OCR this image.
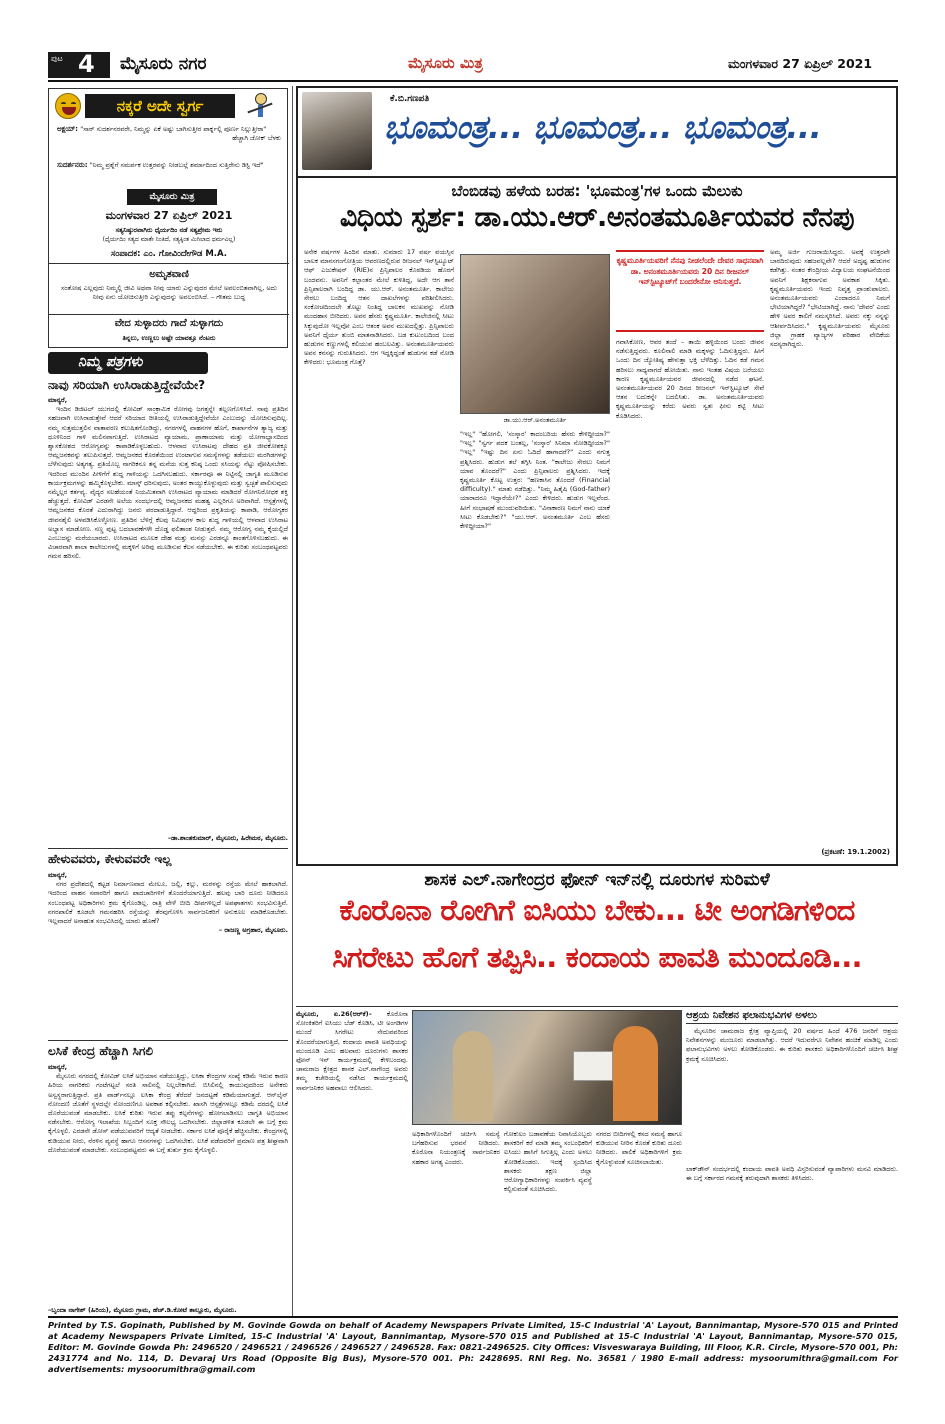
ಪುಟ 4 ಮೈಸೂರು ನಗರ	ಮೈಸೂರು ಮಿತ್ರ	ಮಂಗಳವಾರ 27 ಏಪ್ರಿಲ್ 2021
ನಕ್ಕರೆ ಅದೇ ಸ್ವರ್ಗ
ಅಕ್ಷಯ್: "ಸಾರ್ ಸುದರ್ಶನರವರೇ, ನಿಮ್ಮನ್ನು ಏಕೆ ಅಷ್ಟು ಬಾಗಿಸುತ್ತೀರ ಪಾರ್ಕ್ನಲ್ಲಿ ಪೂರ್ಣ ನಿಲ್ಲುತ್ತೀರಾ"
ಹೆಚ್ಚಾಗಿ ಜೋಕ್ ಬೆಳಕು
ಸುದರ್ಶನರು: "ನಿಮ್ಮ ಪ್ರಶ್ನೆಗೆ ಸಮರ್ಪಕ ಉತ್ತರವನ್ನು ನೀಡಬಲ್ಲೆ ಶರ್ಮಾದಿಂದ ಸುತ್ತಿರೇನು ಡಿಸ್ಟಿ ಇದೆ"
ಮೈಸೂರು ಮಿತ್ರ
ಮಂಗಳವಾರ 27 ಏಪ್ರಿಲ್ 2021
ಸತ್ಯನಿಷ್ಠುರವಾಗಿರು ಧೈರ್ಯದಿಂ ನಡೆ ಸತ್ಯಪ್ರೇಮ ಇರು
(ಧೈರ್ಯದಿಂ ಸತ್ಯದ ಮಾತೇ ನಿಂತಿದೆ, ಸತ್ಯಕ್ಕಿಂತ ಮಿಗಿಲಾದ ಧರ್ಮವಿಲ್ಲ)
ಸಂಪಾದಕ: ಎಂ. ಗೋವಿಂದೇಗೌಡ M.A.
ಅಮೃತವಾಣಿ
ಸಂತೋಷ ಎಲ್ಲವುದು ನಿಮ್ಮಲ್ಲಿ ಜೀವಿ ಅಥವಾ ನೀವು ಯಾರು ಎನ್ನುವುದರ ಮೇಲೆ ಅವಲಂಬಿತವಾಗಿಲ್ಲ, ಅದು ನೀವು ಏನು ಯೋಚಿಸುತ್ತೀರಿ ಎನ್ನುವುದನ್ನು ಅವಲಂಬಿಸಿದೆ. – ಗೌತಮ ಬುದ್ಧ
ವೇದ ಸುಳ್ಳಾದರು ಗಾದೆ ಸುಳ್ಳಾಗದು
ತಿನ್ನಲು, ಉಣ್ಣಲು ಅಷ್ಟೇ ಯಾವತ್ತೂ ನೆಂಟರು
ನಿಮ್ಮ ಪತ್ರಗಳು
ನಾವು ಸರಿಯಾಗಿ ಉಸಿರಾಡುತ್ತಿದ್ದೇವೆಯೇ?
ಮಾನ್ಯರೆ,
ಇಂದಿನ ಡಿಜಿಟಲ್ ಯುಗದಲ್ಲಿ ಕೋವಿಡ್ ಸಾಂಕ್ರಾಮಿಕ ರೋಗವು ಜಗತ್ತನ್ನೇ ತಲ್ಲಣಗೊಳಿಸಿದೆ. ನಾವು ಪ್ರತಿದಿನ ಸಹಜವಾಗಿ ಉಸಿರಾಡುತ್ತೇವೆ ಆದರೆ ಸರಿಯಾದ ರೀತಿಯಲ್ಲಿ ಉಸಿರಾಡುತ್ತಿದ್ದೇವೆಯೇ ಎಂಬುದನ್ನು ಯೋಚಿಸುವುದಿಲ್ಲ. ನಮ್ಮ ಸುತ್ತಮುತ್ತಲಿನ ವಾತಾವರಣ ಕಲುಷಿತಗೊಂಡಿದ್ದು, ನಗರಗಳಲ್ಲಿ ವಾಹನಗಳ ಹೊಗೆ, ಕಾರ್ಖಾನೆಗಳ ತ್ಯಾಜ್ಯ ಮತ್ತು ಧೂಳಿನಿಂದ ಗಾಳಿ ಮಲಿನವಾಗುತ್ತಿದೆ. ಉಸಿರಾಟದ ವ್ಯಾಯಾಮ, ಪ್ರಾಣಾಯಾಮ ಮತ್ತು ಯೋಗಾಭ್ಯಾಸದಿಂದ ಶ್ವಾಸಕೋಶದ ಆರೋಗ್ಯವನ್ನು ಕಾಪಾಡಿಕೊಳ್ಳಬಹುದು. ಆಳವಾದ ಉಸಿರಾಟವು ದೇಹದ ಪ್ರತಿ ಜೀವಕೋಶಕ್ಕೂ ಆಮ್ಲಜನಕವನ್ನು ತಲುಪಿಸುತ್ತದೆ. ಆಮ್ಲಜನಕದ ಕೊರತೆಯಿಂದ ಉಂಟಾಗುವ ಸಮಸ್ಯೆಗಳನ್ನು ತಡೆಯಲು ಮರಗಿಡಗಳನ್ನು ಬೆಳೆಸುವುದು ಅತ್ಯಗತ್ಯ. ಪ್ರತಿಯೊಬ್ಬ ನಾಗರಿಕನೂ ತನ್ನ ಮನೆಯ ಸುತ್ತ ಕನಿಷ್ಠ ಒಂದು ಸಸಿಯನ್ನು ನೆಟ್ಟು ಪೋಷಿಸಬೇಕು. ಇದರಿಂದ ಮುಂದಿನ ಪೀಳಿಗೆಗೆ ಶುದ್ಧ ಗಾಳಿಯನ್ನು ಒದಗಿಸಬಹುದು. ಸರ್ಕಾರವೂ ಈ ನಿಟ್ಟಿನಲ್ಲಿ ಜಾಗೃತಿ ಮೂಡಿಸುವ ಕಾರ್ಯಕ್ರಮಗಳನ್ನು ಹಮ್ಮಿಕೊಳ್ಳಬೇಕು. ಮಾಸ್ಕ್ ಧರಿಸುವುದು, ಅಂತರ ಕಾಯ್ದುಕೊಳ್ಳುವುದು ಮತ್ತು ಸ್ವಚ್ಛತೆ ಪಾಲಿಸುವುದು ನಮ್ಮೆಲ್ಲರ ಕರ್ತವ್ಯ. ವೈದ್ಯರ ಸಲಹೆಯಂತೆ ನಿಯಮಿತವಾಗಿ ಉಸಿರಾಟದ ವ್ಯಾಯಾಮ ಮಾಡಿದರೆ ರೋಗನಿರೋಧಕ ಶಕ್ತಿ ಹೆಚ್ಚುತ್ತದೆ. ಕೋವಿಡ್ ಎರಡನೇ ಅಲೆಯ ಸಂದರ್ಭದಲ್ಲಿ ಆಮ್ಲಜನಕದ ಮಹತ್ವ ಎಲ್ಲರಿಗೂ ಅರಿವಾಗಿದೆ. ಆಸ್ಪತ್ರೆಗಳಲ್ಲಿ ಆಮ್ಲಜನಕದ ಕೊರತೆ ಎದುರಾಗಿದ್ದು ಜನರು ಪರದಾಡುತ್ತಿದ್ದಾರೆ. ಆದ್ದರಿಂದ ಪ್ರಕೃತಿಯನ್ನು ಕಾಪಾಡಿ, ಆರೋಗ್ಯಕರ ಜೀವನಶೈಲಿ ಅಳವಡಿಸಿಕೊಳ್ಳೋಣ. ಪ್ರತಿದಿನ ಬೆಳಿಗ್ಗೆ ಕೆಲವು ನಿಮಿಷಗಳ ಕಾಲ ಶುದ್ಧ ಗಾಳಿಯಲ್ಲಿ ಆಳವಾದ ಉಸಿರಾಟ ಅಭ್ಯಾಸ ಮಾಡೋಣ. ಸಣ್ಣ ಪುಟ್ಟ ಬದಲಾವಣೆಗಳೇ ದೊಡ್ಡ ಫಲಿತಾಂಶ ನೀಡುತ್ತವೆ. ನಮ್ಮ ಆರೋಗ್ಯ ನಮ್ಮ ಕೈಯಲ್ಲಿದೆ ಎಂಬುದನ್ನು ಮರೆಯಬಾರದು. ಉಸಿರಾಟದ ಮೂಲಕ ದೇಹ ಮತ್ತು ಮನಸ್ಸು ಎರಡನ್ನೂ ಶಾಂತಗೊಳಿಸಬಹುದು. ಈ ವಿಚಾರವಾಗಿ ಶಾಲಾ ಕಾಲೇಜುಗಳಲ್ಲಿ ಮಕ್ಕಳಿಗೆ ಅರಿವು ಮೂಡಿಸುವ ಕೆಲಸ ನಡೆಯಬೇಕು. ಈ ಕುರಿತು ಸಂಬಂಧಪಟ್ಟವರು ಗಮನ ಹರಿಸಲಿ.
–ಡಾ.ಶಾಂತಕುಮಾರ್, ಮೈಸೂರು, ಹಿರೇಮಠ, ಮೈಸೂರು.
ಹೇಳುವವರು, ಕೇಳುವವರೇ ಇಲ್ಲ
ಮಾನ್ಯರೆ,
ನಗರ ಪ್ರದೇಶದಲ್ಲಿ ಕಟ್ಟಡ ನಿರ್ಮಾಣವಾದ ಮೇಲೂ, ಜಲ್ಲಿ, ಕಲ್ಲು, ಮರಳನ್ನು ರಸ್ತೆಯ ಮೇಲೆ ಹಾಕಲಾಗಿದೆ. ಇದರಿಂದ ವಾಹನ ಸವಾರರಿಗೆ ಹಾಗೂ ಪಾದಚಾರಿಗಳಿಗೆ ತೊಂದರೆಯಾಗುತ್ತಿದೆ. ಹಲವು ಬಾರಿ ದೂರು ನೀಡಿದರೂ ಸಂಬಂಧಪಟ್ಟ ಅಧಿಕಾರಿಗಳು ಕ್ರಮ ಕೈಗೊಂಡಿಲ್ಲ. ರಾತ್ರಿ ವೇಳೆ ಬೀದಿ ದೀಪಗಳಿಲ್ಲದೆ ಅಪಘಾತಗಳು ಸಂಭವಿಸುತ್ತಿವೆ. ನಗರಪಾಲಿಕೆ ಕೂಡಲೇ ಗಮನಹರಿಸಿ ರಸ್ತೆಯನ್ನು ತೆರವುಗೊಳಿಸಿ ಸಾರ್ವಜನಿಕರಿಗೆ ಅನುಕೂಲ ಮಾಡಿಕೊಡಬೇಕು. ಇಲ್ಲವಾದರೆ ಅನಾಹುತ ಸಂಭವಿಸಿದಲ್ಲಿ ಯಾರು ಹೊಣೆ?
– ರಾಜಣ್ಣ ಅಗ್ರಹಾರ, ಮೈಸೂರು.
ಲಸಿಕೆ ಕೇಂದ್ರ ಹೆಚ್ಚಾಗಿ ಸಿಗಲಿ
ಮಾನ್ಯರೆ,
ಮೈಸೂರು ನಗರದಲ್ಲಿ ಕೋವಿಡ್ ಲಸಿಕೆ ಅಭಿಯಾನ ನಡೆಯುತ್ತಿದ್ದು, ಲಸಿಕಾ ಕೇಂದ್ರಗಳ ಸಂಖ್ಯೆ ಕಡಿಮೆ ಇರುವ ಕಾರಣ ಹಿರಿಯ ನಾಗರಿಕರು ಗಂಟೆಗಟ್ಟಲೆ ಸರತಿ ಸಾಲಿನಲ್ಲಿ ನಿಲ್ಲಬೇಕಾಗಿದೆ. ಬಿಸಿಲಿನಲ್ಲಿ ಕಾಯುವುದರಿಂದ ಅನೇಕರು ಅಸ್ವಸ್ಥರಾಗುತ್ತಿದ್ದಾರೆ. ಪ್ರತಿ ವಾರ್ಡ್‌ನಲ್ಲೂ ಲಸಿಕಾ ಕೇಂದ್ರ ತೆರೆದರೆ ಜನದಟ್ಟಣೆ ಕಡಿಮೆಯಾಗುತ್ತದೆ. ಆನ್‌ಲೈನ್ ನೋಂದಣಿ ಜೊತೆಗೆ ಸ್ಥಳದಲ್ಲೇ ನೋಂದಣಿಗೂ ಅವಕಾಶ ಕಲ್ಪಿಸಬೇಕು. ಖಾಸಗಿ ಆಸ್ಪತ್ರೆಗಳಲ್ಲೂ ಕಡಿಮೆ ದರದಲ್ಲಿ ಲಸಿಕೆ ದೊರೆಯುವಂತೆ ಮಾಡಬೇಕು. ಲಸಿಕೆ ಕುರಿತು ಇರುವ ತಪ್ಪು ಕಲ್ಪನೆಗಳನ್ನು ಹೋಗಲಾಡಿಸಲು ಜಾಗೃತಿ ಅಭಿಯಾನ ನಡೆಸಬೇಕು. ಆರೋಗ್ಯ ಇಲಾಖೆಯ ಸಿಬ್ಬಂದಿಗೆ ಸೂಕ್ತ ಸೌಲಭ್ಯ ಒದಗಿಸಬೇಕು. ಜಿಲ್ಲಾಡಳಿತ ಕೂಡಲೇ ಈ ಬಗ್ಗೆ ಕ್ರಮ ಕೈಗೊಳ್ಳಲಿ. ಎರಡನೇ ಡೋಸ್ ಪಡೆಯುವವರಿಗೆ ಆದ್ಯತೆ ನೀಡಬೇಕು. ಸರ್ಕಾರ ಲಸಿಕೆ ಪೂರೈಕೆ ಹೆಚ್ಚಿಸಬೇಕು. ಕೇಂದ್ರಗಳಲ್ಲಿ ಕುಡಿಯುವ ನೀರು, ನೆರಳಿನ ವ್ಯವಸ್ಥೆ ಹಾಗೂ ಆಸನಗಳನ್ನು ಒದಗಿಸಬೇಕು. ಲಸಿಕೆ ಪಡೆದವರಿಗೆ ಪ್ರಮಾಣ ಪತ್ರ ಶೀಘ್ರವಾಗಿ ದೊರೆಯುವಂತೆ ಮಾಡಬೇಕು. ಸಂಬಂಧಪಟ್ಟವರು ಈ ಬಗ್ಗೆ ತುರ್ತು ಕ್ರಮ ಕೈಗೊಳ್ಳಲಿ.
–ಬೃಂದಾ ನಾಗೇಶ್ (ಹಿರಿಯ), ಮೈಸೂರು ಗ್ರಾಮ, ಹೆಚ್.ಡಿ.ಕೋಟೆ ತಾಲ್ಲೂಕು, ಮೈಸೂರು.
ಕೆ.ಬಿ.ಗಣಪತಿ
ಭೂಮಂತ್ರ... ಭೂಮಂತ್ರ... ಭೂಮಂತ್ರ...
ಬೆಂಬಿಡವು ಹಳೆಯ ಬರಹ: 'ಭೂಮಂತ್ರ'ಗಳ ಒಂದು ಮೆಲುಕು
ವಿಧಿಯ ಸ್ಪರ್ಶ: ಡಾ.ಯು.ಆರ್.ಅನಂತಮೂರ್ತಿಯವರ ನೆನಪು
ಅನೇಕ ವರ್ಷಗಳ ಹಿಂದಿನ ಮಾತು. ಸುಮಾರು 17 ವರ್ಷ ವಯಸ್ಸಿನ ಬಾಲಕ ಮಾನಸಗಂಗೋತ್ರಿಯ ಆವರಣದಲ್ಲಿರುವ ರೀಜನಲ್ ಇನ್‌ಸ್ಟಿಟ್ಯೂಟ್ ಆಫ್ ಎಜುಕೇಷನ್ (RIE)ನ ಪ್ರಿನ್ಸಿಪಾಲರ ಕೊಠಡಿಯ ಹೊರಗೆ ಬಂದವನು. ಅವನಿಗೆ ಕಲ್ಪಾಂತರ ಮೇಲೆ ಕುಳಿತಿದ್ದ, ಅದೇ ಆಗ ತಾನೆ ಪ್ರಿನ್ಸಿಪಾಲರಾಗಿ ಬಂದಿದ್ದ ಡಾ. ಯು.ಆರ್. ಅನಂತಮೂರ್ತಿ. ಕಾಲೇಜು ಸೇರಲು ಬಂದಿದ್ದ ಆತನ ದಾಖಲೆಗಳನ್ನು ಪರಿಶೀಲಿಸಿದರು. ಸಂಕೋಚದಿಂದಲೇ ತೊಟ್ಟು ನಿಂತಿದ್ದ ಬಾಲಕನ ಮುಖವನ್ನು ನೋಡಿ ಮಂದಹಾಸ ಬೀರಿದರು. ಅವನ ಹೆಸರು ಕೃಷ್ಣಮೂರ್ತಿ. ಕಾಲೇಜಿನಲ್ಲಿ ಸೀಟು ಸಿಕ್ಕುವುದೋ ಇಲ್ಲವೋ ಎಂಬ ಆತಂಕ ಅವನ ಮುಖದಲ್ಲಿತ್ತು. ಪ್ರಿನ್ಸಿಪಾಲರು ಅವನಿಗೆ ಧೈರ್ಯ ತುಂಬಿ ಮಾತನಾಡಿಸಿದರು. ಬಡ ಕುಟುಂಬದಿಂದ ಬಂದ ಹುಡುಗನ ಕಣ್ಣುಗಳಲ್ಲಿ ಕಲಿಯುವ ಹಂಬಲವಿತ್ತು. ಅನಂತಮೂರ್ತಿಯವರು ಅವನ ಕನಸನ್ನು ಗುರುತಿಸಿದರು. ಆಗ ಇದ್ದಕ್ಕಿದ್ದಂತೆ ಹುಡುಗನ ಕಡೆ ನೋಡಿ ಕೇಳಿದರು: ಭೂಮಂತ್ರ ಗೊತ್ತೆ?
ಡಾ.ಯು.ಆರ್.ಅನಂತಮೂರ್ತಿ
"ಇಲ್ಲ" "ಹೋಗಲಿ, 'ಸಂಸ್ಕಾರ' ಕಾದಂಬರಿಯ ಹೆಸರು ಕೇಳಿದ್ದೀಯಾ?" "ಇಲ್ಲ" "ಸ್ವರ್ಗ ಪದಕ ಬಂತಲ್ಲ, 'ಸಂಸ್ಕಾರ' ಸಿನಿಮಾ ನೋಡಿದ್ದೀಯಾ?" "ಇಲ್ಲ" "ಇಷ್ಟು ದಿನ ಏನು ಓದಿದೆ ಹಾಗಾದರೆ?" ಎಂದು ನಗುತ್ತ ಪ್ರಶ್ನಿಸಿದರು. ಹುಡುಗ ತಲೆ ತಗ್ಗಿಸಿ ನಿಂತ. "ಕಾಲೇಜು ಸೇರಲು ನಿಮಗೆ ಯಾವ ತೊಂದರೆ?" ಎಂದು ಪ್ರಿನ್ಸಿಪಾಲರು ಪ್ರಶ್ನಿಸಿದರು. ಇದಕ್ಕೆ ಕೃಷ್ಣಮೂರ್ತಿ ಕೊಟ್ಟ ಉತ್ತರ: "ಹಣಕಾಸಿನ ತೊಂದರೆ (Financial difficulty)." ಮಾತು ನಡೆದಿತ್ತು. "ನಿಮ್ಮ ಹಿತೈಷಿ (God-father) ಯಾರಾದರೂ ಇದ್ದಾರೆಯೇ?" ಎಂದು ಕೇಳಿದರು. ಹುಡುಗ ಇಲ್ಲವೆಂದ. ಹೀಗೆ ಸಂಭಾಷಣೆ ಮುಂದುವರಿಯಿತು. "ವಿನಾಕಾರಣ ನಿಮಗೆ ನಾನು ಯಾಕೆ ಸೀಟು ಕೊಡಬೇಕು?" "ಯು.ಆರ್. ಅನಂತಮೂರ್ತಿ ಎಂಬ ಹೆಸರು ಕೇಳಿದ್ದೀಯಾ?"
ಕೃಷ್ಣಮೂರ್ತಿಯವರಿಗೆ ನೆನಪು ನೀಡಲೆಂದೇ ದೇವರ ಸಾಧನವಾಗಿ ಡಾ. ಅನಂತಮೂರ್ತಿಯವರು 20 ದಿನ ರೀಜನಲ್ ಇನ್‌ಸ್ಟಿಟ್ಯೂಟ್‌ಗೆ ಬಂದರೇನೋ ಅನಿಸುತ್ತದೆ.
ಗವಾಸಿಕೋಣ, ಆವರ ತಂದೆ – ತಾಯಿ ಹಳ್ಳಿಯಿಂದ ಬಂದು ಜೀವನ ನಡೆಸುತ್ತಿದ್ದವರು. ಕೂಲಿನಾಲಿ ಮಾಡಿ ಮಕ್ಕಳನ್ನು ಓದಿಸುತ್ತಿದ್ದರು. ಹೀಗೆ ಒಂದು ದಿನ ಜ್ಯೋತಿಷ್ಯ ಹೇಳುತ್ತಾ ಭಕ್ತಿ ಬೆಳೆದಿತ್ತು. ಓದಿನ ಕಡೆ ಗಮನ ಹರಿಸಲು ಸಾಧ್ಯವಾಗದೆ ಹೋಯಿತು. ನಾನು ಇಂತಹ ವಿಷಯ ಬರೆಯಲು ಕಾರಣ ಕೃಷ್ಣಮೂರ್ತಿಯವರ ಜೀವನದಲ್ಲಿ ನಡೆದ ಘಟನೆ. ಅನಂತಮೂರ್ತಿಯವರ 20 ದಿನದ ರೀಜನಲ್ ಇನ್‌ಸ್ಟಿಟ್ಯೂಟ್ ಸೇವೆ ಆತನ ಬದುಕನ್ನೇ ಬದಲಿಸಿತು. ಡಾ. ಅನಂತಮೂರ್ತಿಯವರು ಕೃಷ್ಣಮೂರ್ತಿಯನ್ನು ಕರೆದು ಅವರು ಸ್ವತಃ ಫೀಸು ಕಟ್ಟಿ ಸೀಟು ಕೊಡಿಸಿದರು.
ಅಮ್ಮ ಅರ್ಜಿ ಗುಜರಾಯಿಸಿದ್ದರು. ಅವಕ್ಕೆ ಉತ್ತರವೇ ಬಾರದಿರುವುದು ಸಹಜವಲ್ಲವೇ? ಆದರೆ ಅದೃಷ್ಟ ಹುಡುಗನ ಕಡೆಗಿತ್ತು. ನಂತರ ಕೇಂದ್ರೀಯ ವಿದ್ಯಾಲಯ ಸಂಘಟನೆಯಿಂದ ಅವನಿಗೆ ಶಿಕ್ಷಕನಾಗುವ ಅವಕಾಶ ಸಿಕ್ಕಿತು. ಕೃಷ್ಣಮೂರ್ತಿಯವರು ಇಂದು ನಿವೃತ್ತ ಪ್ರಾಂಶುಪಾಲರು. ಅನಂತಮೂರ್ತಿಯವರು ಎಂದಾದರೂ ನಿಮಗೆ ಭೇಟಿಯಾಗಿದ್ದರೆ? "ಭೇಟಿಯಾಗಿದ್ದೆ. ನಾನು 'ದೇವರ' ಎಂದು ಹೇಳಿ ಅವರ ಕಾಲಿಗೆ ನಮಸ್ಕರಿಸಿದೆ. ಅವರು ನಕ್ಕು ನನ್ನನ್ನು ಆಶೀರ್ವದಿಸಿದರು." ಕೃಷ್ಣಮೂರ್ತಿಯವರು ಮೈಸೂರು ಜಿಲ್ಲಾ ಗ್ರಾಹಕ ವ್ಯಾಜ್ಯಗಳ ಪರಿಹಾರ ವೇದಿಕೆಯ ಸದಸ್ಯರಾಗಿದ್ದರು.
(ಪ್ರಕಟಣೆ: 19.1.2002)
ಶಾಸಕ ಎಲ್.ನಾಗೇಂದ್ರರ ಫೋನ್ ಇನ್‌ನಲ್ಲಿ ದೂರುಗಳ ಸುರಿಮಳೆ
ಕೊರೊನಾ ರೋಗಿಗೆ ಐಸಿಯು ಬೇಕು... ಟೀ ಅಂಗಡಿಗಳಿಂದ
ಸಿಗರೇಟು ಹೊಗೆ ತಪ್ಪಿಸಿ.. ಕಂದಾಯ ಪಾವತಿ ಮುಂದೂಡಿ...
ಮೈಸೂರು, ಏ.26(ಆರ್‌ಕೆ)– ಕೊರೊನಾ ಸೋಂಕಿತರಿಗೆ ಐಸಿಯು ಬೆಡ್ ಕೊಡಿಸಿ, ಟೀ ಅಂಗಡಿಗಳ ಮುಂದೆ ಸಿಗರೇಟು ಸೇದುವವರಿಂದ ತೊಂದರೆಯಾಗುತ್ತಿದೆ, ಕಂದಾಯ ಪಾವತಿ ಅವಧಿಯನ್ನು ಮುಂದೂಡಿ ಎಂಬ ಹಲವಾರು ದೂರುಗಳು ಶಾಸಕರ ಫೋನ್ ಇನ್ ಕಾರ್ಯಕ್ರಮದಲ್ಲಿ ಕೇಳಿಬಂದವು. ಚಾಮರಾಜ ಕ್ಷೇತ್ರದ ಶಾಸಕ ಎಲ್.ನಾಗೇಂದ್ರ ಅವರು ತಮ್ಮ ಕಚೇರಿಯಲ್ಲಿ ನಡೆಸಿದ ಕಾರ್ಯಕ್ರಮದಲ್ಲಿ ಸಾರ್ವಜನಿಕರ ಅಹವಾಲು ಆಲಿಸಿದರು.
ಅಧಿಕಾರಿಗಳೊಂದಿಗೆ ಚರ್ಚಿಸಿ ಸಮಸ್ಯೆ ಬಗೆಹರಿಸುವ ಭರವಸೆ ನೀಡಿದರು. ಕೊರೊನಾ ನಿಯಂತ್ರಣಕ್ಕೆ ಸಾರ್ವಜನಿಕರ ಸಹಕಾರ ಅಗತ್ಯ ಎಂದರು.
ಗೋಕುಲಂ ಬಡಾವಣೆಯ ನಿವಾಸಿಯೊಬ್ಬರು ಶಾಸಕರಿಗೆ ಕರೆ ಮಾಡಿ ತಮ್ಮ ಸಂಬಂಧಿಕರಿಗೆ ಐಸಿಯು ಹಾಸಿಗೆ ಸಿಗುತ್ತಿಲ್ಲ ಎಂದು ಅಳಲು ತೋಡಿಕೊಂಡರು. ಇದಕ್ಕೆ ಸ್ಪಂದಿಸಿದ ಶಾಸಕರು ತಕ್ಷಣ ಜಿಲ್ಲಾ ಆರೋಗ್ಯಾಧಿಕಾರಿಗಳನ್ನು ಸಂಪರ್ಕಿಸಿ ವ್ಯವಸ್ಥೆ ಕಲ್ಪಿಸುವಂತೆ ಸೂಚಿಸಿದರು.
ನಗರದ ಬೀದಿಗಳಲ್ಲಿ ಕಸದ ಸಮಸ್ಯೆ ಹಾಗೂ ಕುಡಿಯುವ ನೀರಿನ ಕೊರತೆ ಕುರಿತು ದೂರು ನೀಡಿದರು. ಪಾಲಿಕೆ ಅಧಿಕಾರಿಗಳಿಗೆ ಕ್ರಮ ಕೈಗೊಳ್ಳುವಂತೆ ಸೂಚಿಸಲಾಯಿತು.
ಆಶ್ರಯ ನಿವೇಶನ ಫಲಾನುಭವಿಗಳ ಅಳಲು
ಮೈಸೂರಿನ ಚಾಮರಾಜ ಕ್ಷೇತ್ರ ವ್ಯಾಪ್ತಿಯಲ್ಲಿ 20 ವರ್ಷದ ಹಿಂದೆ 476 ಜನರಿಗೆ ಆಶ್ರಯ ನಿವೇಶನಗಳನ್ನು ಮಂಜೂರು ಮಾಡಲಾಗಿತ್ತು. ಆದರೆ ಇದುವರೆಗೂ ನಿವೇಶನ ಹಂಚಿಕೆ ಮಾಡಿಲ್ಲ ಎಂದು ಫಲಾನುಭವಿಗಳು ಅಳಲು ತೋಡಿಕೊಂಡರು. ಈ ಕುರಿತು ಶಾಸಕರು ಅಧಿಕಾರಿಗಳೊಂದಿಗೆ ಚರ್ಚಿಸಿ ಶೀಘ್ರ ಕ್ರಮಕ್ಕೆ ಸೂಚಿಸಿದರು.
ಲಾಕ್‌ಡೌನ್ ಸಂದರ್ಭದಲ್ಲಿ ಕಂದಾಯ ಪಾವತಿ ಅವಧಿ ವಿಸ್ತರಿಸುವಂತೆ ವ್ಯಾಪಾರಿಗಳು ಮನವಿ ಮಾಡಿದರು. ಈ ಬಗ್ಗೆ ಸರ್ಕಾರದ ಗಮನಕ್ಕೆ ತರುವುದಾಗಿ ಶಾಸಕರು ತಿಳಿಸಿದರು.
Printed by T.S. Gopinath, Published by M. Govinde Gowda on behalf of Academy Newspapers Private Limited, 15-C Industrial 'A' Layout, Bannimantap, Mysore-570 015 and Printed at Academy Newspapers Private Limited, 15-C Industrial 'A' Layout, Bannimantap, Mysore-570 015 and Published at 15-C Industrial 'A' Layout, Bannimantap, Mysore-570 015, Editor: M. Govinde Gowda Ph: 2496520 / 2496521 / 2496526 / 2496527 / 2496528. Fax: 0821-2496525. City Offices: Visveswaraya Building, III Floor, K.R. Circle, Mysore-570 001, Ph: 2431774 and No. 114, D. Devaraj Urs Road (Opposite Big Bus), Mysore-570 001. Ph: 2428695. RNI Reg. No. 36581 / 1980 E-mail address: mysoorumithra@gmail.com For advertisements: mysoorumithra@gmail.com
